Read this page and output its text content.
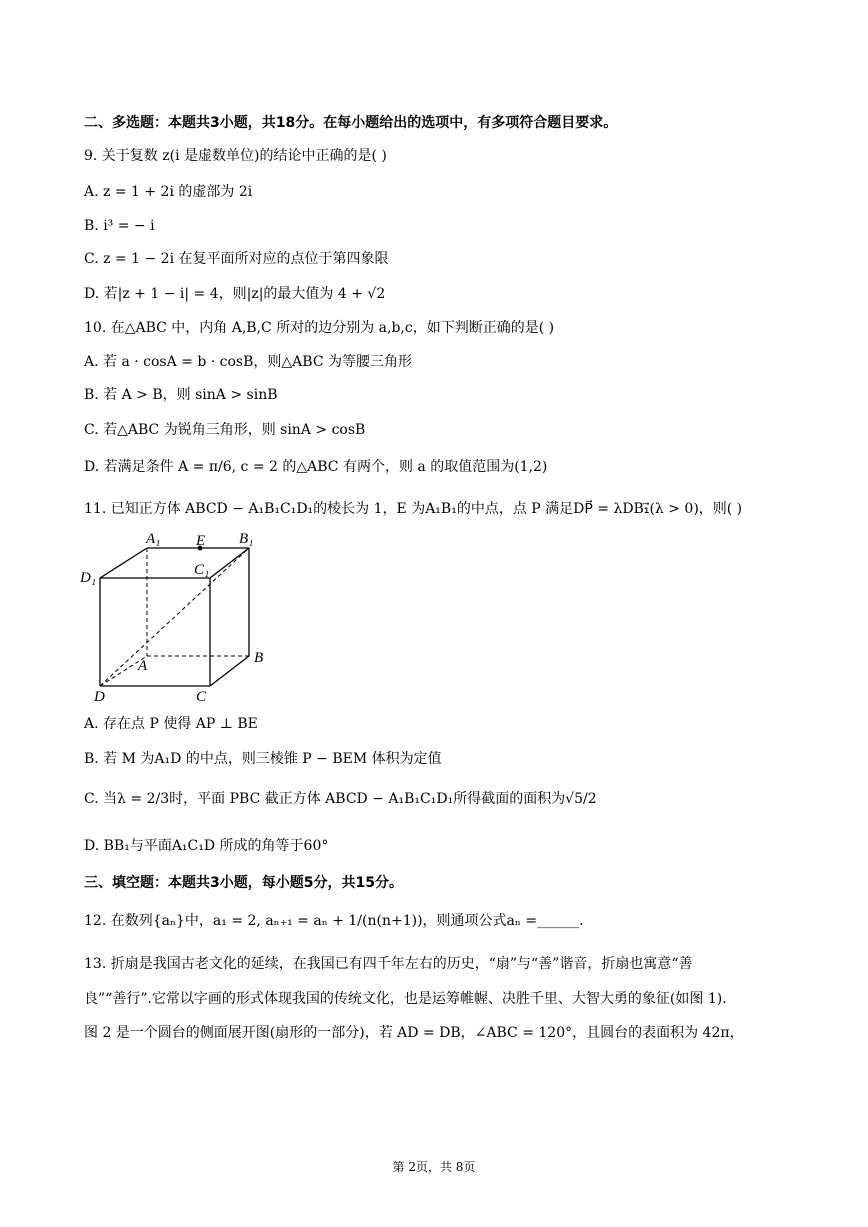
二、多选题：本题共3小题，共18分。在每小题给出的选项中，有多项符合题目要求。
9. 关于复数 z(i 是虚数单位)的结论中正确的是( )
A. z = 1 + 2i 的虚部为 2i
B. i³ = − i
C. z = 1 − 2i 在复平面所对应的点位于第四象限
D. 若|z + 1 − i| = 4，则|z|的最大值为 4 + √2
10. 在△ABC 中，内角 A,B,C 所对的边分别为 a,b,c，如下判断正确的是( )
A. 若 a · cosA = b · cosB，则△ABC 为等腰三角形
B. 若 A > B，则 sinA > sinB
C. 若△ABC 为锐角三角形，则 sinA > cosB
D. 若满足条件 A = π/6, c = 2 的△ABC 有两个，则 a 的取值范围为(1,2)
11. 已知正方体 ABCD − A₁B₁C₁D₁的棱长为 1，E 为A₁B₁的中点，点 P 满足DP⃗ = λDB₁⃗(λ > 0)，则( )
A₁ E B₁
D₁	C₁
A	B
D	C
A. 存在点 P 使得 AP ⊥ BE
B. 若 M 为A₁D 的中点，则三棱锥 P − BEM 体积为定值
C. 当λ = 2/3时，平面 PBC 截正方体 ABCD − A₁B₁C₁D₁所得截面的面积为√5/2
D. BB₁与平面A₁C₁D 所成的角等于60°
三、填空题：本题共3小题，每小题5分，共15分。
12. 在数列{aₙ}中，a₁ = 2, aₙ₊₁ = aₙ + 1/(n(n+1))，则通项公式aₙ =______.
13. 折扇是我国古老文化的延续，在我国已有四千年左右的历史，“扇”与“善”谐音，折扇也寓意“善
良”“善行”.它常以字画的形式体现我国的传统文化，也是运筹帷幄、决胜千里、大智大勇的象征(如图 1).
图 2 是一个圆台的侧面展开图(扇形的一部分)，若 AD = DB，∠ABC = 120°，且圆台的表面积为 42π，
第 2页，共 8页
